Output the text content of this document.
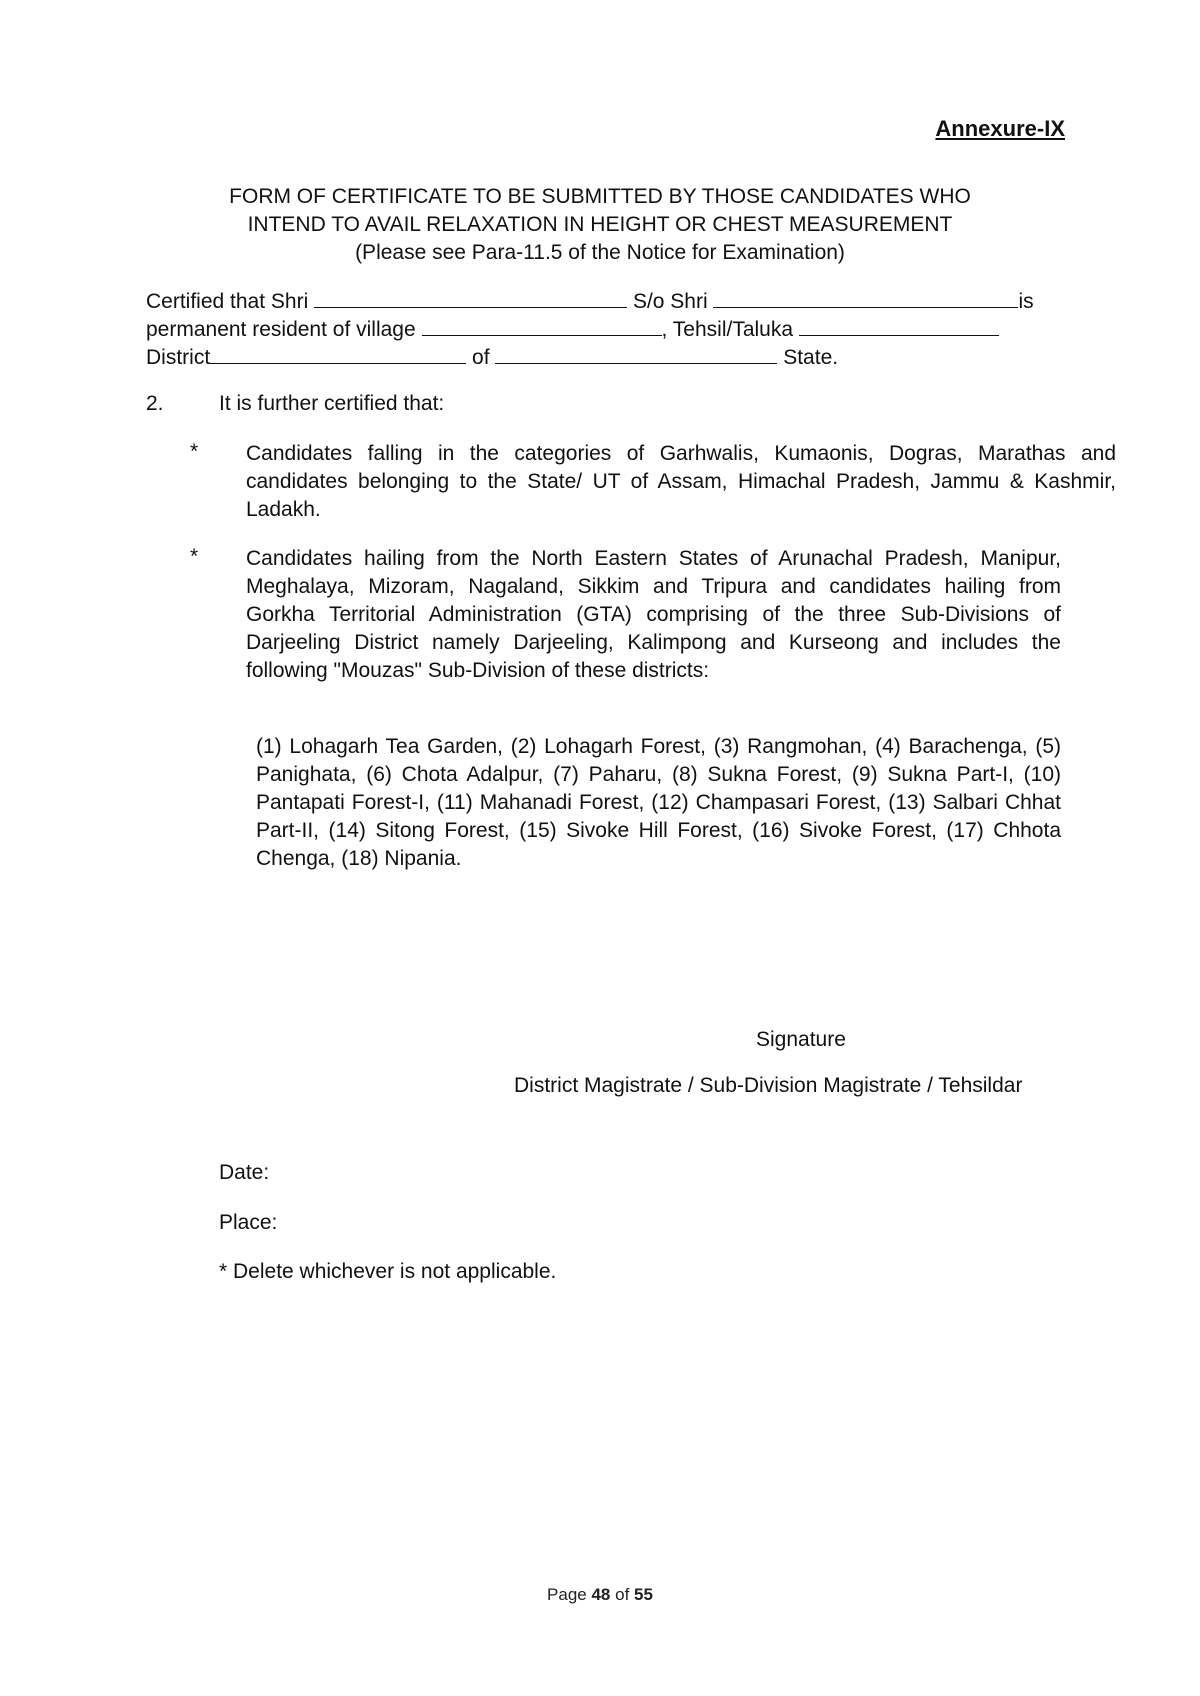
Annexure-IX
FORM OF CERTIFICATE TO BE SUBMITTED BY THOSE CANDIDATES WHO
INTEND TO AVAIL RELAXATION IN HEIGHT OR CHEST MEASUREMENT
(Please see Para-11.5 of the Notice for Examination)
Certified that Shri	S/o Shri	is
permanent resident of village	, Tehsil/Taluka
District	of	State.
2.	It is further certified that:
* Candidates falling in the categories of Garhwalis, Kumaonis, Dogras, Marathas and candidates belonging to the State/ UT of Assam, Himachal Pradesh, Jammu & Kashmir, Ladakh.
* Candidates hailing from the North Eastern States of Arunachal Pradesh, Manipur, Meghalaya, Mizoram, Nagaland, Sikkim and Tripura and candidates hailing from Gorkha Territorial Administration (GTA) comprising of the three Sub-Divisions of Darjeeling District namely Darjeeling, Kalimpong and Kurseong and includes the following "Mouzas" Sub-Division of these districts:
(1) Lohagarh Tea Garden, (2) Lohagarh Forest, (3) Rangmohan, (4) Barachenga, (5) Panighata, (6) Chota Adalpur, (7) Paharu, (8) Sukna Forest, (9) Sukna Part-I, (10) Pantapati Forest-I, (11) Mahanadi Forest, (12) Champasari Forest, (13) Salbari Chhat Part-II, (14) Sitong Forest, (15) Sivoke Hill Forest, (16) Sivoke Forest, (17) Chhota Chenga, (18) Nipania.
Signature
District Magistrate / Sub-Division Magistrate / Tehsildar
Date:
Place:
* Delete whichever is not applicable.
Page 48 of 55
